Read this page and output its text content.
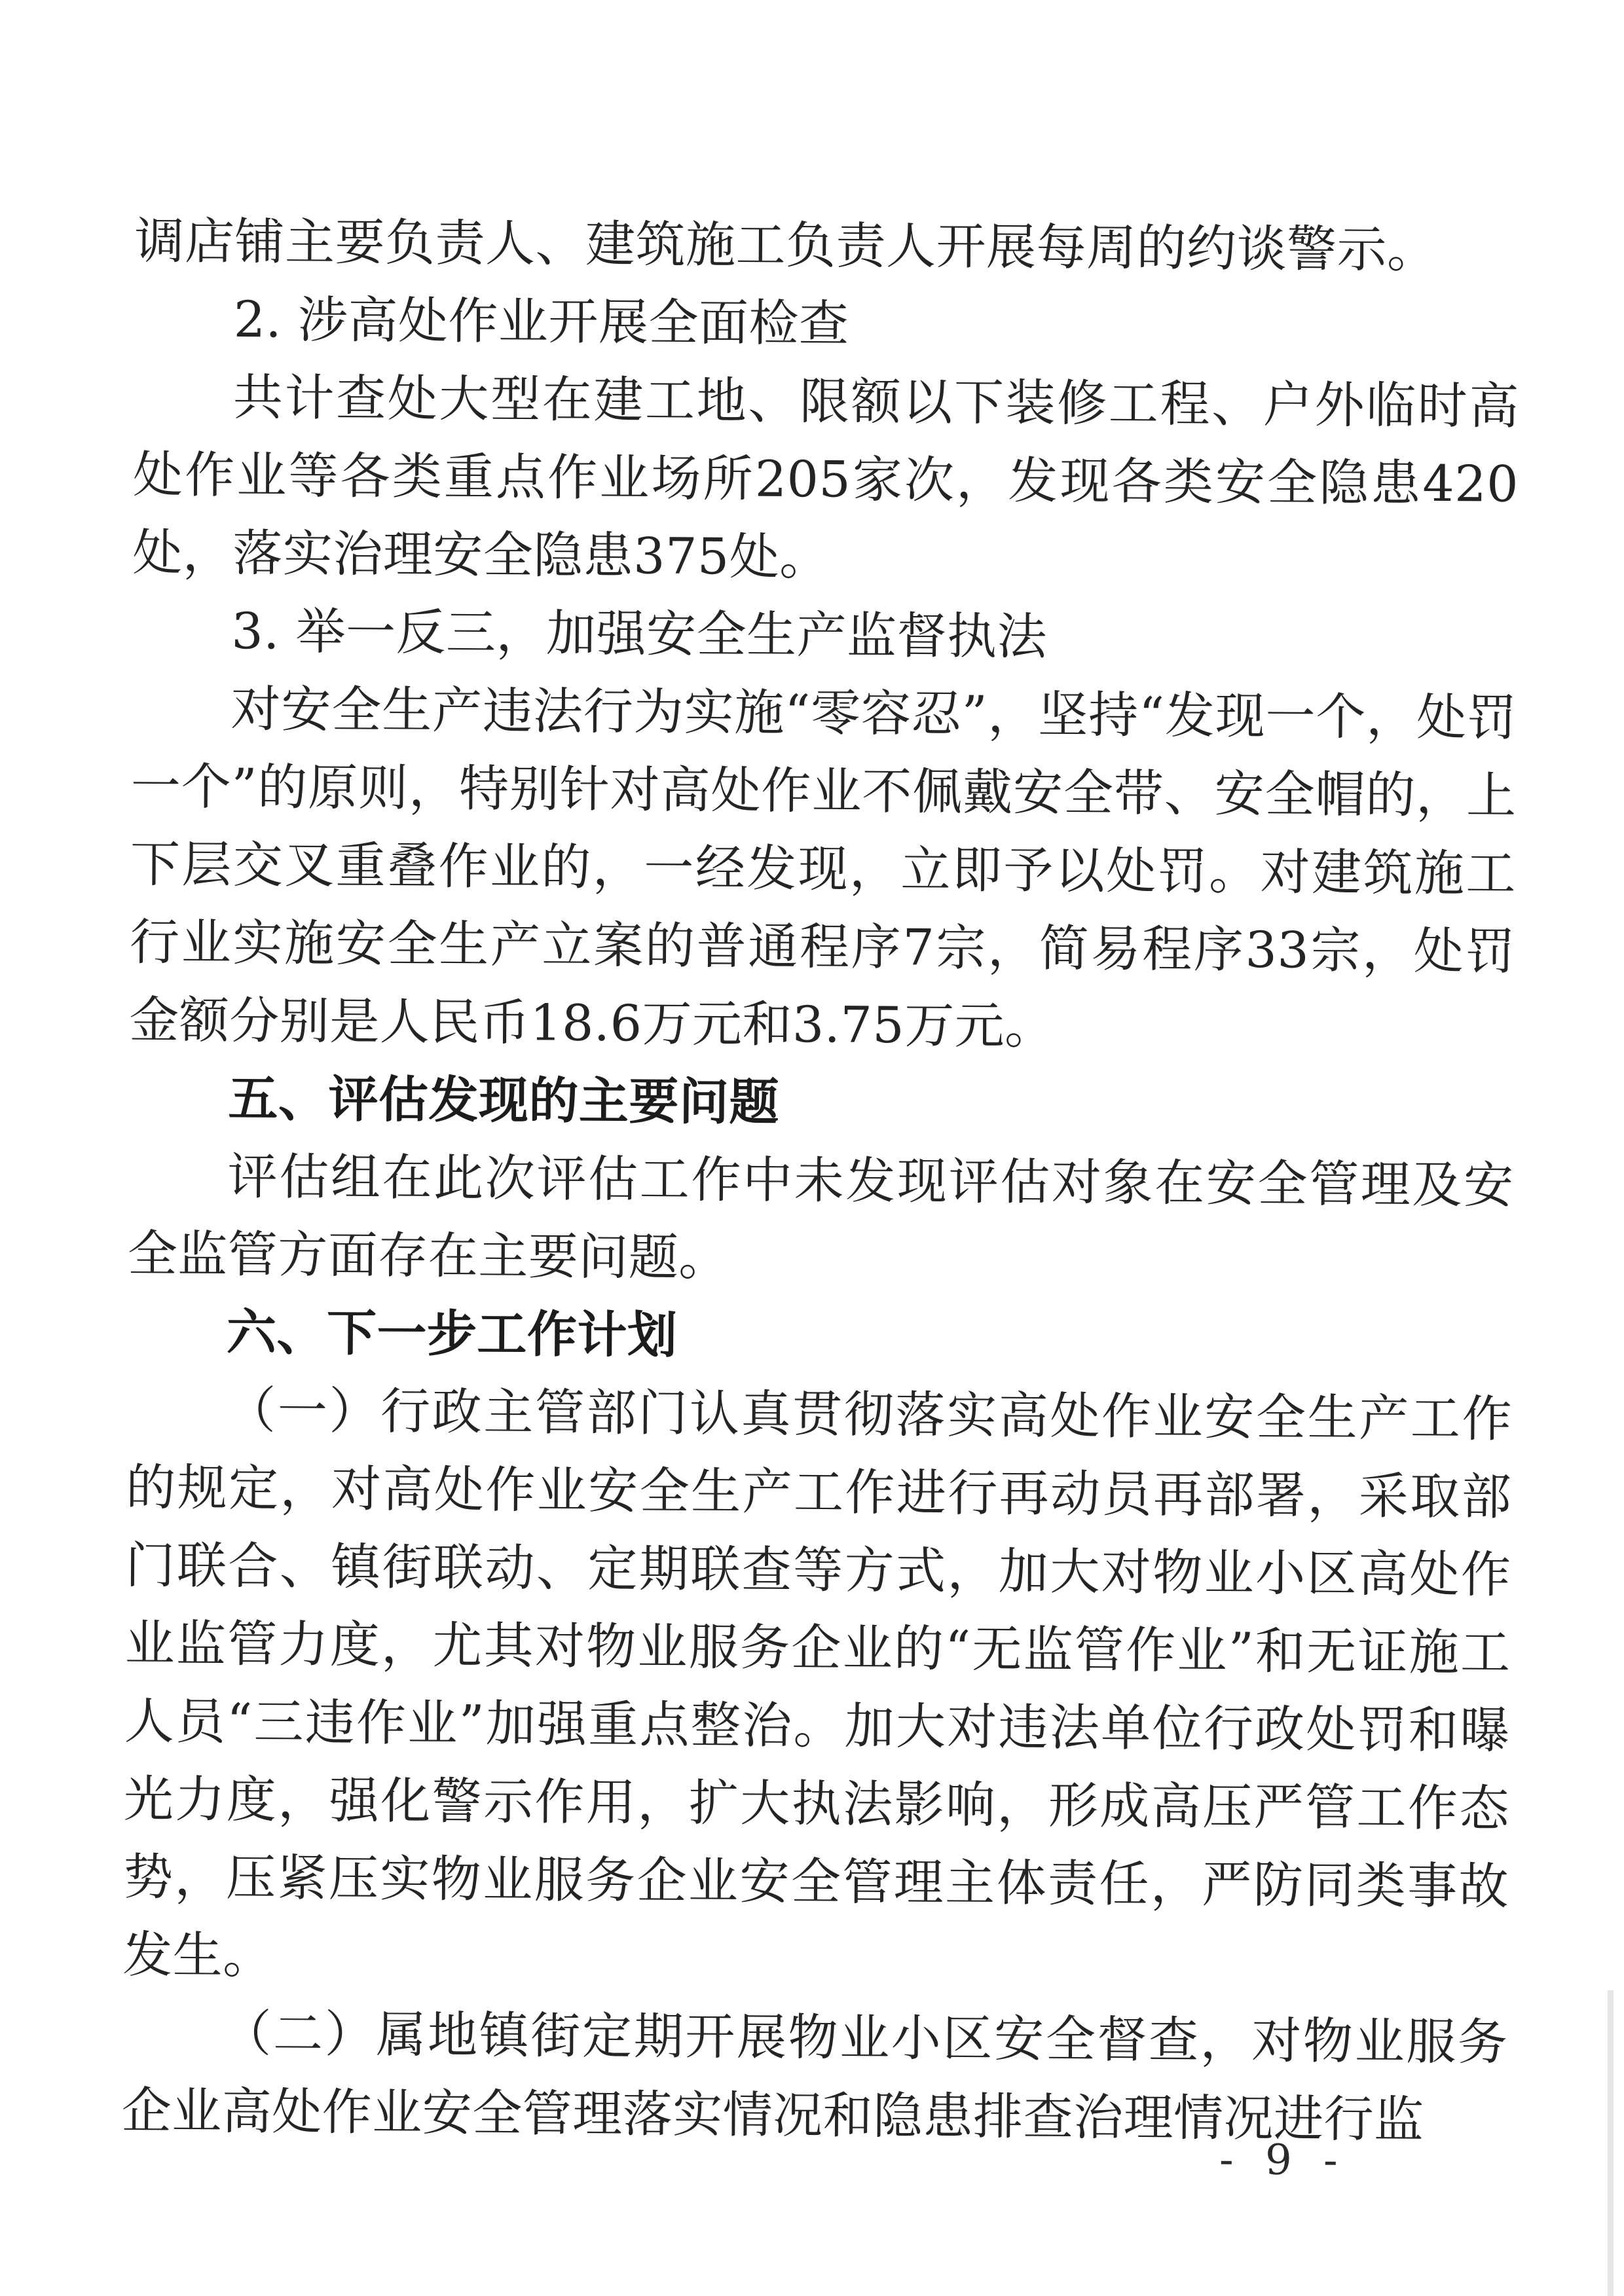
调店铺主要负责人、建筑施工负责人开展每周的约谈警示。

2. 涉高处作业开展全面检查

共计查处大型在建工地、限额以下装修工程、户外临时高处作业等各类重点作业场所205家次，发现各类安全隐患420处，落实治理安全隐患375处。

3. 举一反三，加强安全生产监督执法

对安全生产违法行为实施“零容忍”，坚持“发现一个，处罚一个”的原则，特别针对高处作业不佩戴安全带、安全帽的，上下层交叉重叠作业的，一经发现，立即予以处罚。对建筑施工行业实施安全生产立案的普通程序7宗，简易程序33宗，处罚金额分别是人民币18.6万元和3.75万元。

五、评估发现的主要问题

评估组在此次评估工作中未发现评估对象在安全管理及安全监管方面存在主要问题。

六、下一步工作计划

（一）行政主管部门认真贯彻落实高处作业安全生产工作的规定，对高处作业安全生产工作进行再动员再部署，采取部门联合、镇街联动、定期联查等方式，加大对物业小区高处作业监管力度，尤其对物业服务企业的“无监管作业”和无证施工人员“三违作业”加强重点整治。加大对违法单位行政处罚和曝光力度，强化警示作用，扩大执法影响，形成高压严管工作态势，压紧压实物业服务企业安全管理主体责任，严防同类事故发生。

（二）属地镇街定期开展物业小区安全督查，对物业服务企业高处作业安全管理落实情况和隐患排查治理情况进行监

- 9 -
